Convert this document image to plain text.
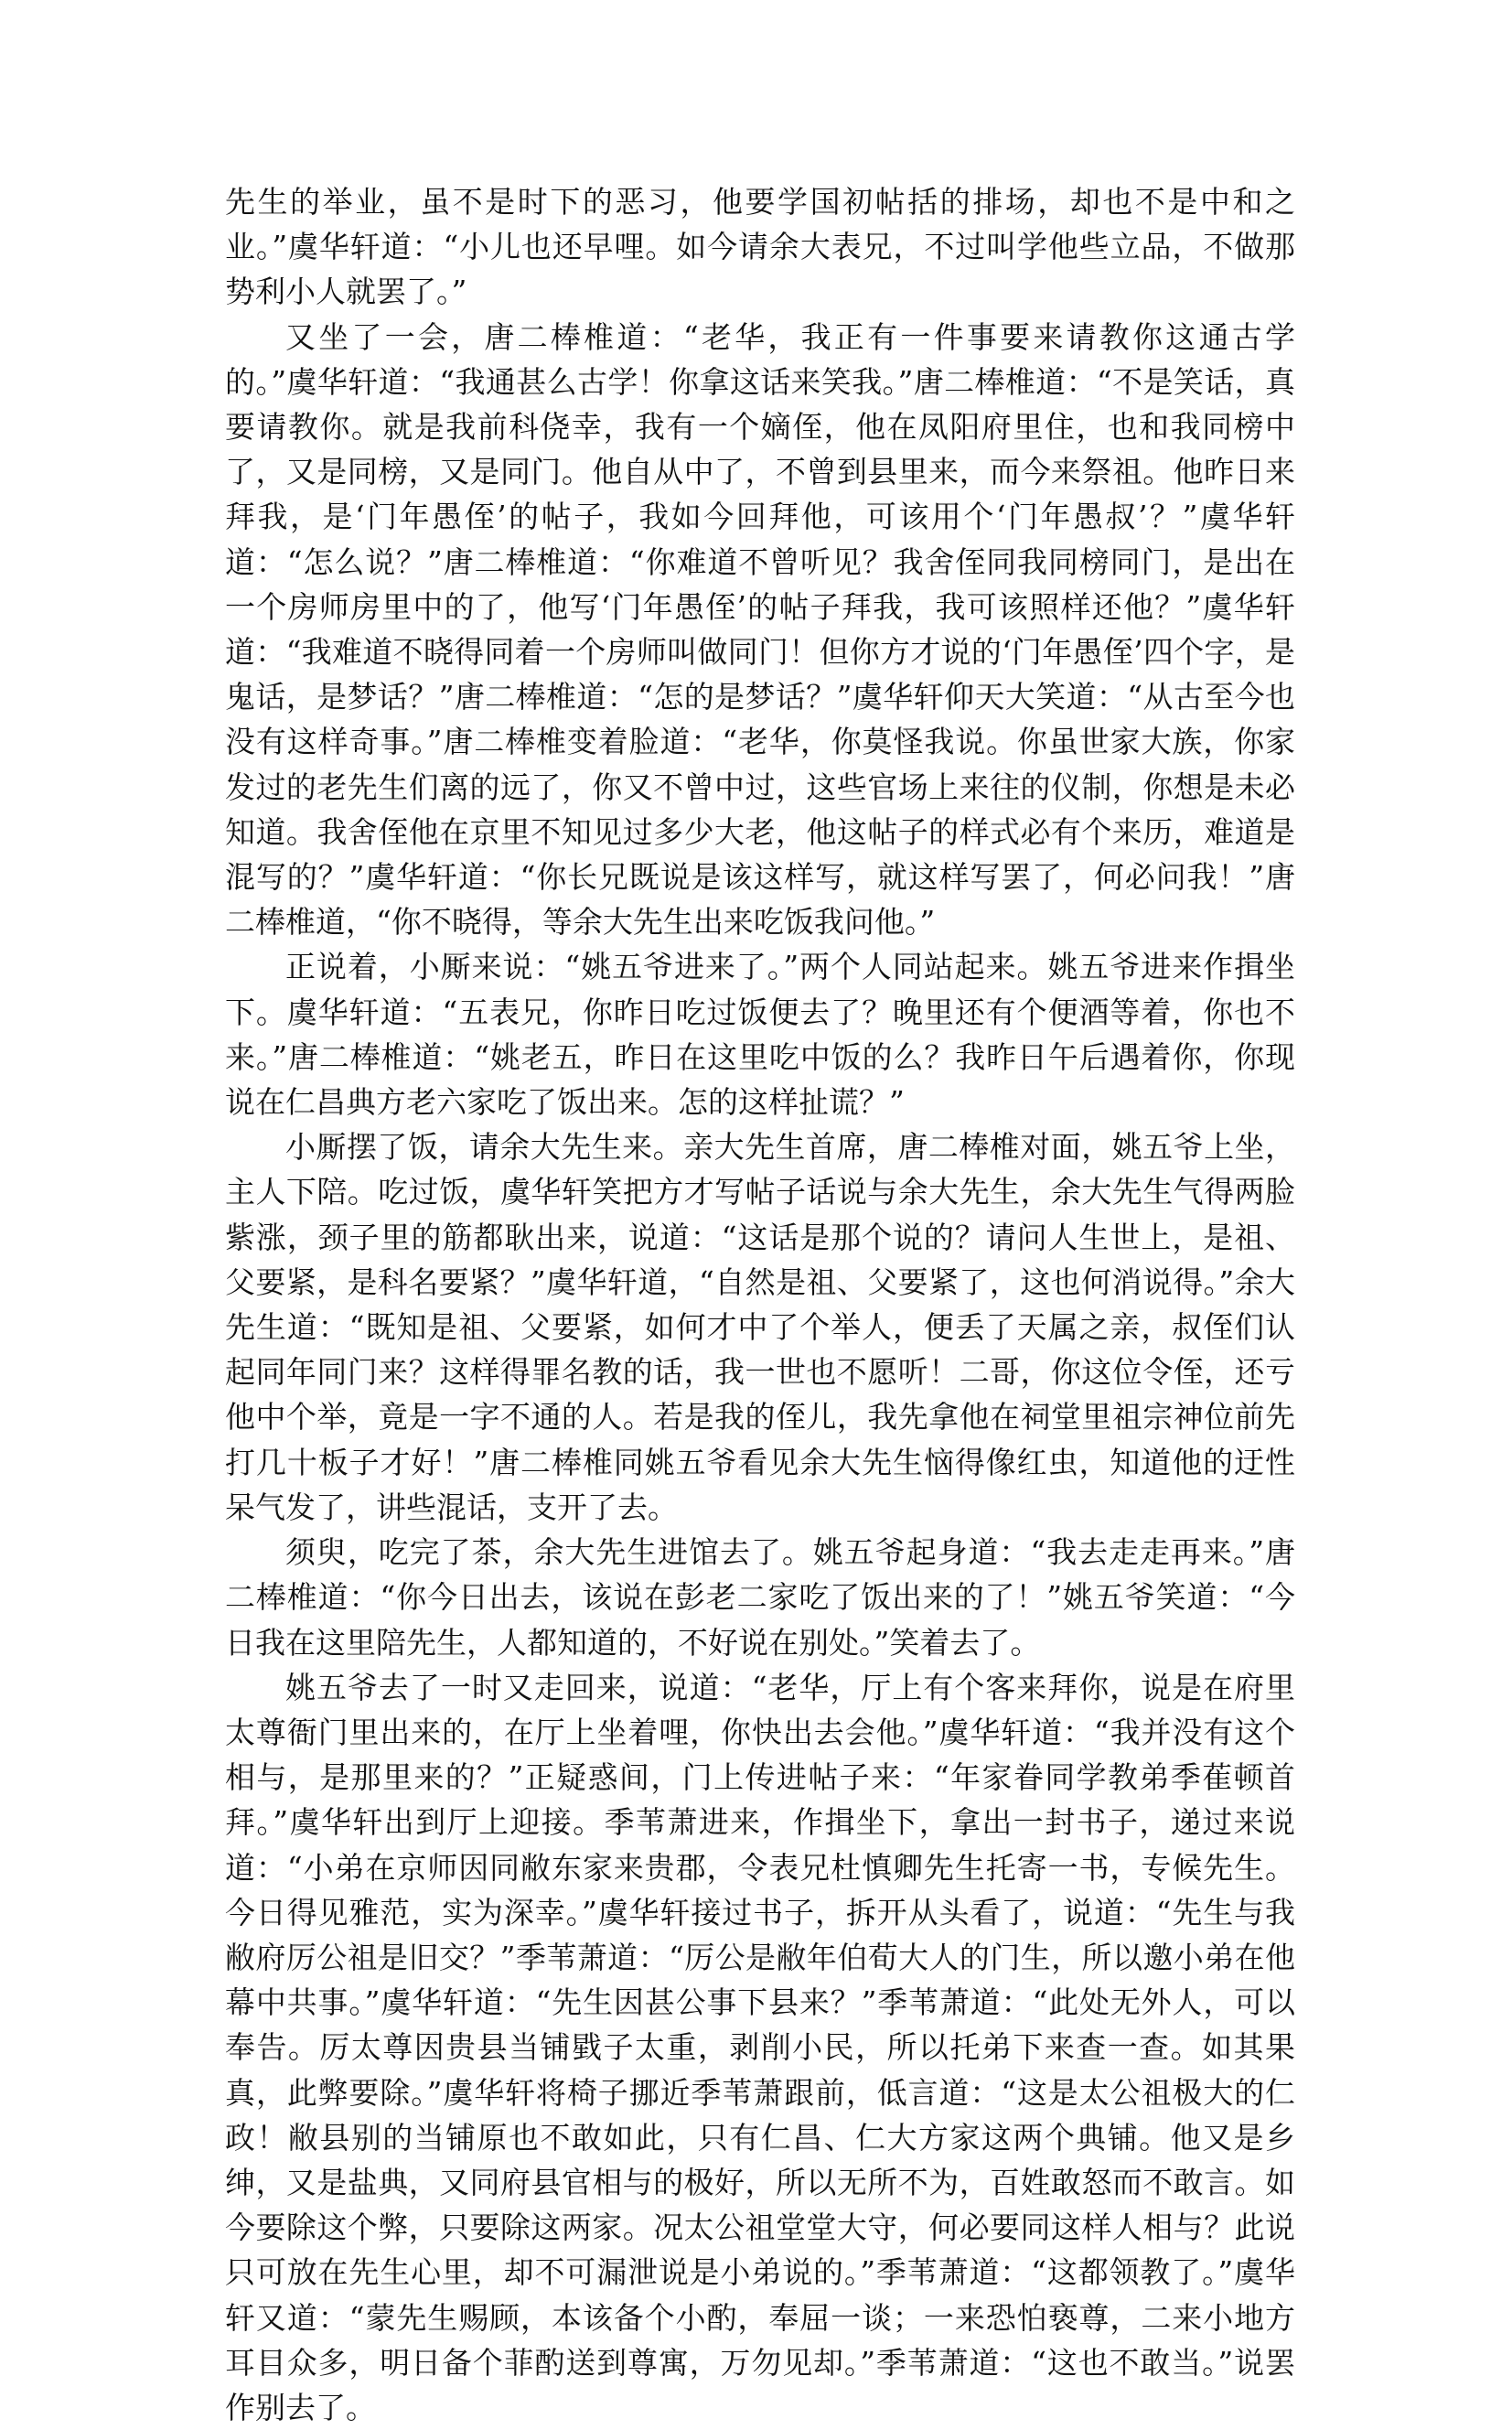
先生的举业，虽不是时下的恶习，他要学国初帖括的排场，却也不是中和之业。”虞华轩道：“小儿也还早哩。如今请余大表兄，不过叫学他些立品，不做那势利小人就罢了。”

又坐了一会，唐二棒椎道：“老华，我正有一件事要来请教你这通古学的。”虞华轩道：“我通甚么古学！你拿这话来笑我。”唐二棒椎道：“不是笑话，真要请教你。就是我前科侥幸，我有一个嫡侄，他在凤阳府里住，也和我同榜中了，又是同榜，又是同门。他自从中了，不曾到县里来，而今来祭祖。他昨日来拜我，是‘门年愚侄’的帖子，我如今回拜他，可该用个‘门年愚叔’？”虞华轩道：“怎么说？”唐二棒椎道：“你难道不曾听见？我舍侄同我同榜同门，是出在一个房师房里中的了，他写‘门年愚侄’的帖子拜我，我可该照样还他？”虞华轩道：“我难道不晓得同着一个房师叫做同门！但你方才说的‘门年愚侄’四个字，是鬼话，是梦话？”唐二棒椎道：“怎的是梦话？”虞华轩仰天大笑道：“从古至今也没有这样奇事。”唐二棒椎变着脸道：“老华，你莫怪我说。你虽世家大族，你家发过的老先生们离的远了，你又不曾中过，这些官场上来往的仪制，你想是未必知道。我舍侄他在京里不知见过多少大老，他这帖子的样式必有个来历，难道是混写的？”虞华轩道：“你长兄既说是该这样写，就这样写罢了，何必问我！”唐二棒椎道，“你不晓得，等余大先生出来吃饭我问他。”

正说着，小厮来说：“姚五爷进来了。”两个人同站起来。姚五爷进来作揖坐下。虞华轩道：“五表兄，你昨日吃过饭便去了？晚里还有个便酒等着，你也不来。”唐二棒椎道：“姚老五，昨日在这里吃中饭的么？我昨日午后遇着你，你现说在仁昌典方老六家吃了饭出来。怎的这样扯谎？”

小厮摆了饭，请余大先生来。亲大先生首席，唐二棒椎对面，姚五爷上坐，主人下陪。吃过饭，虞华轩笑把方才写帖子话说与余大先生，余大先生气得两脸紫涨，颈子里的筋都耿出来，说道：“这话是那个说的？请问人生世上，是祖、父要紧，是科名要紧？”虞华轩道，“自然是祖、父要紧了，这也何消说得。”余大先生道：“既知是祖、父要紧，如何才中了个举人，便丢了天属之亲，叔侄们认起同年同门来？这样得罪名教的话，我一世也不愿听！二哥，你这位令侄，还亏他中个举，竟是一字不通的人。若是我的侄儿，我先拿他在祠堂里祖宗神位前先打几十板子才好！”唐二棒椎同姚五爷看见余大先生恼得像红虫，知道他的迂性呆气发了，讲些混话，支开了去。

须臾，吃完了茶，余大先生进馆去了。姚五爷起身道：“我去走走再来。”唐二棒椎道：“你今日出去，该说在彭老二家吃了饭出来的了！”姚五爷笑道：“今日我在这里陪先生，人都知道的，不好说在别处。”笑着去了。

姚五爷去了一时又走回来，说道：“老华，厅上有个客来拜你，说是在府里太尊衙门里出来的，在厅上坐着哩，你快出去会他。”虞华轩道：“我并没有这个相与，是那里来的？”正疑惑间，门上传进帖子来：“年家眷同学教弟季萑顿首拜。”虞华轩出到厅上迎接。季苇萧进来，作揖坐下，拿出一封书子，递过来说道：“小弟在京师因同敝东家来贵郡，令表兄杜慎卿先生托寄一书，专候先生。今日得见雅范，实为深幸。”虞华轩接过书子，拆开从头看了，说道：“先生与我敝府厉公祖是旧交？”季苇萧道：“厉公是敝年伯荀大人的门生，所以邀小弟在他幕中共事。”虞华轩道：“先生因甚公事下县来？”季苇萧道：“此处无外人，可以奉告。厉太尊因贵县当铺戥子太重，剥削小民，所以托弟下来查一查。如其果真，此弊要除。”虞华轩将椅子挪近季苇萧跟前，低言道：“这是太公祖极大的仁政！敝县别的当铺原也不敢如此，只有仁昌、仁大方家这两个典铺。他又是乡绅，又是盐典，又同府县官相与的极好，所以无所不为，百姓敢怒而不敢言。如今要除这个弊，只要除这两家。况太公祖堂堂大守，何必要同这样人相与？此说只可放在先生心里，却不可漏泄说是小弟说的。”季苇萧道：“这都领教了。”虞华轩又道：“蒙先生赐顾，本该备个小酌，奉屈一谈；一来恐怕亵尊，二来小地方耳目众多，明日备个菲酌送到尊寓，万勿见却。”季苇萧道：“这也不敢当。”说罢作别去了。
